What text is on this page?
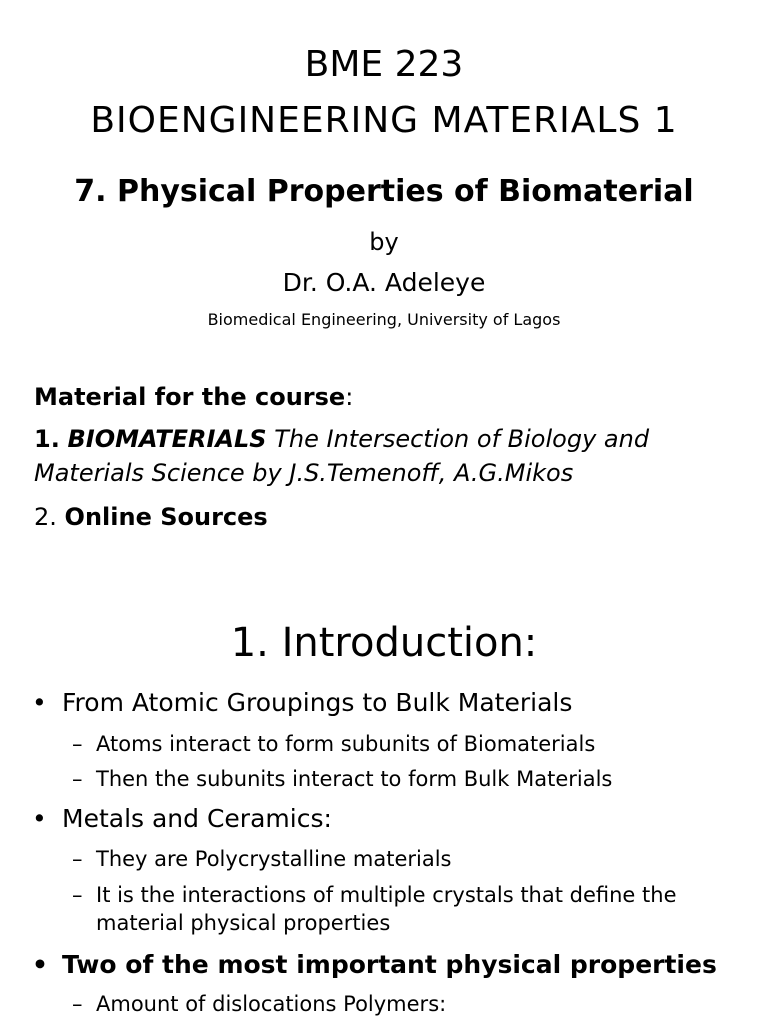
BME 223
BIOENGINEERING MATERIALS 1
7. Physical Properties of Biomaterial
by
Dr. O.A. Adeleye
Biomedical Engineering, University of Lagos
Material for the course:
1. BIOMATERIALS The Intersection of Biology and
Materials Science by J.S.Temenoff, A.G.Mikos
2. Online Sources
1. Introduction:
• From Atomic Groupings to Bulk Materials
– Atoms interact to form subunits of Biomaterials
– Then the subunits interact to form Bulk Materials
• Metals and Ceramics:
– They are Polycrystalline materials
– It is the interactions of multiple crystals that define the
material physical properties
• Two of the most important physical properties
– Amount of dislocations Polymers:
